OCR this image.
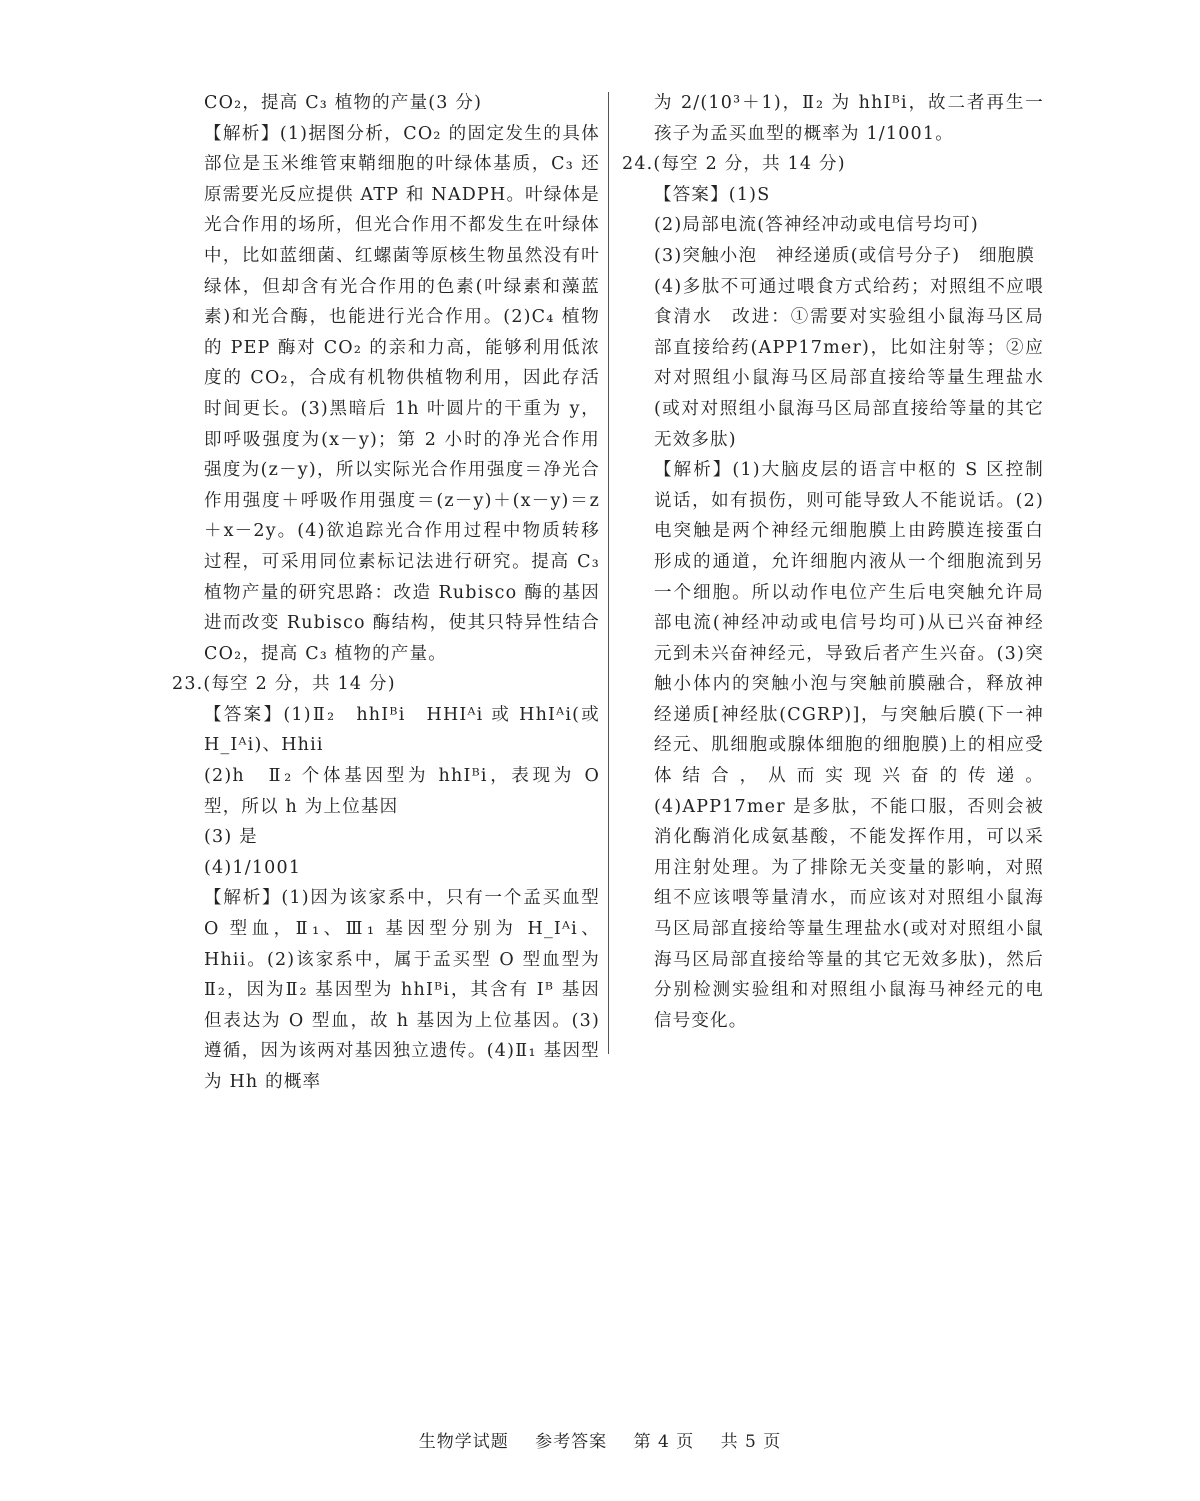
CO₂，提高 C₃ 植物的产量(3 分)

【解析】(1)据图分析，CO₂ 的固定发生的具体部位是玉米维管束鞘细胞的叶绿体基质，C₃ 还原需要光反应提供 ATP 和 NADPH。叶绿体是光合作用的场所，但光合作用不都发生在叶绿体中，比如蓝细菌、红螺菌等原核生物虽然没有叶绿体，但却含有光合作用的色素(叶绿素和藻蓝素)和光合酶，也能进行光合作用。(2)C₄ 植物的 PEP 酶对 CO₂ 的亲和力高，能够利用低浓度的 CO₂，合成有机物供植物利用，因此存活时间更长。(3)黑暗后 1h 叶圆片的干重为 y，即呼吸强度为(x－y)；第 2 小时的净光合作用强度为(z－y)，所以实际光合作用强度＝净光合作用强度＋呼吸作用强度＝(z－y)＋(x－y)＝z＋x－2y。(4)欲追踪光合作用过程中物质转移过程，可采用同位素标记法进行研究。提高 C₃ 植物产量的研究思路：改造 Rubisco 酶的基因进而改变 Rubisco 酶结构，使其只特异性结合 CO₂，提高 C₃ 植物的产量。

23.(每空 2 分，共 14 分)

【答案】(1)Ⅱ₂　hhIᴮi　HHIᴬi 或 HhIᴬi(或 H_Iᴬi)、Hhii

(2)h　Ⅱ₂ 个体基因型为 hhIᴮi，表现为 O 型，所以 h 为上位基因

(3) 是

(4)1/1001

【解析】(1)因为该家系中，只有一个孟买血型 O 型血，Ⅱ₁、Ⅲ₁ 基因型分别为 H_Iᴬi、Hhii。(2)该家系中，属于孟买型 O 型血型为Ⅱ₂，因为Ⅱ₂ 基因型为 hhIᴮi，其含有 Iᴮ 基因但表达为 O 型血，故 h 基因为上位基因。(3)遵循，因为该两对基因独立遗传。(4)Ⅱ₁ 基因型为 Hh 的概率

为 2/(10³＋1)，Ⅱ₂ 为 hhIᴮi，故二者再生一孩子为孟买血型的概率为 1/1001。

24.(每空 2 分，共 14 分)

【答案】(1)S

(2)局部电流(答神经冲动或电信号均可)

(3)突触小泡　神经递质(或信号分子)　细胞膜

(4)多肽不可通过喂食方式给药；对照组不应喂食清水　改进：①需要对实验组小鼠海马区局部直接给药(APP17mer)，比如注射等；②应对对照组小鼠海马区局部直接给等量生理盐水(或对对照组小鼠海马区局部直接给等量的其它无效多肽)

【解析】(1)大脑皮层的语言中枢的 S 区控制说话，如有损伤，则可能导致人不能说话。(2)电突触是两个神经元细胞膜上由跨膜连接蛋白形成的通道，允许细胞内液从一个细胞流到另一个细胞。所以动作电位产生后电突触允许局部电流(神经冲动或电信号均可)从已兴奋神经元到未兴奋神经元，导致后者产生兴奋。(3)突触小体内的突触小泡与突触前膜融合，释放神经递质[神经肽(CGRP)]，与突触后膜(下一神经元、肌细胞或腺体细胞的细胞膜)上的相应受体结合，从而实现兴奋的传递。(4)APP17mer 是多肽，不能口服，否则会被消化酶消化成氨基酸，不能发挥作用，可以采用注射处理。为了排除无关变量的影响，对照组不应该喂等量清水，而应该对对照组小鼠海马区局部直接给等量生理盐水(或对对照组小鼠海马区局部直接给等量的其它无效多肽)，然后分别检测实验组和对照组小鼠海马神经元的电信号变化。

生物学试题 参考答案 第 4 页 共 5 页
